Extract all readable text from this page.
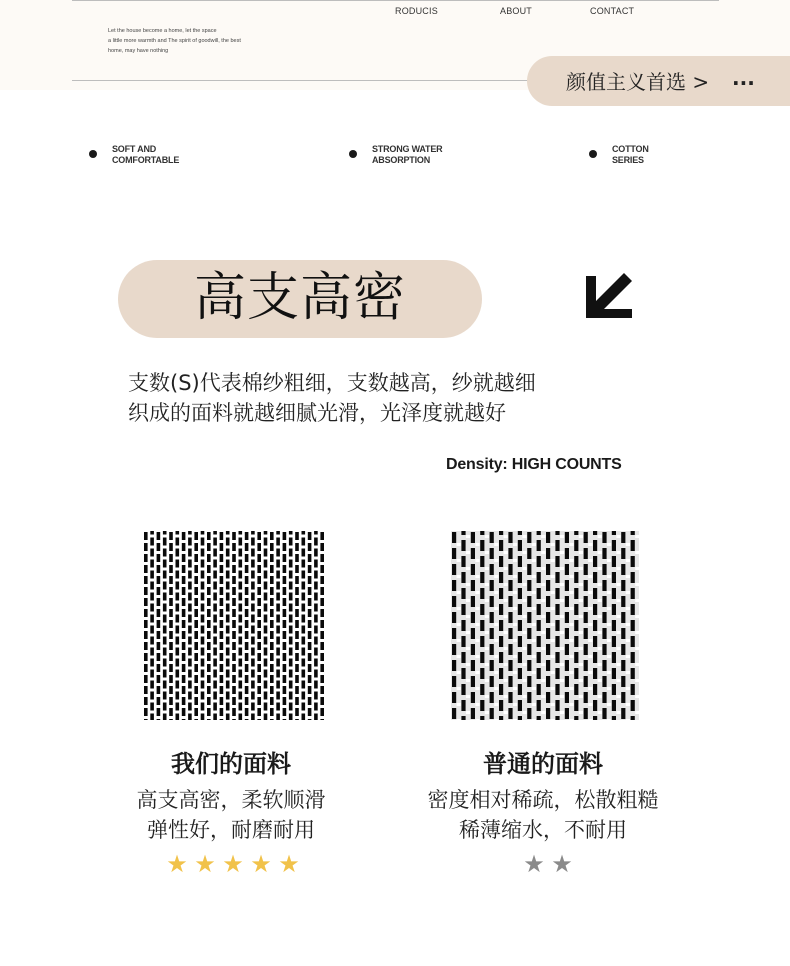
RODUCIS	ABOUT	CONTACT
Let the house become a home, let the space
a little more warmth and The spirit of goodwill, the best
home, may have nothing
颜值主义首选 > ...
SOFT AND
COMFORTABLE
STRONG WATER
ABSORPTION
COTTON
SERIES
高支高密
支数(S)代表棉纱粗细，支数越高，纱就越细
织成的面料就越细腻光滑，光泽度就越好
Density: HIGH COUNTS
我们的面料
高支高密，柔软顺滑
弹性好，耐磨耐用
普通的面料
密度相对稀疏，松散粗糙
稀薄缩水，不耐用
★ ★ ★ ★ ★	★ ★
